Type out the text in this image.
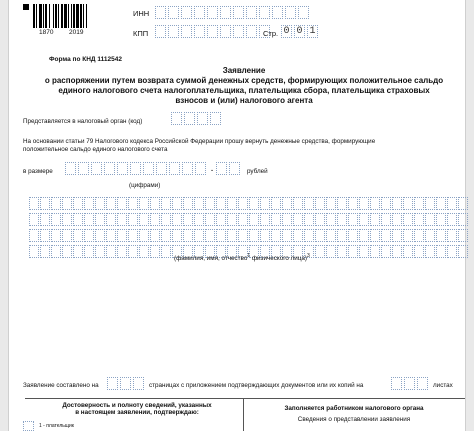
1870 2019
ИНН
КПП	Стр. 0 0 1
Форма по КНД 1112542
Заявление
о распоряжении путем возврата суммой денежных средств, формирующих положительное сальдо
единого налогового счета налогоплательщика, плательщика сбора, плательщика страховых
взносов и (или) налогового агента
Представляется в налоговый орган (код)
На основании статьи 79 Налогового кодекса Российской Федерации прошу вернуть денежные средства, формирующие
положительное сальдо единого налогового счета
в размере	.	рублей
(цифрами)
(фамилия, имя, отчество$^1$ физического лица)$^3$
Заявление составлено на	страницах с приложением подтверждающих документов или их копий на	листах
Достоверность и полноту сведений, указанных
в настоящем заявлении, подтверждаю:
1 - плательщик
Заполняется работником налогового органа
Сведения о представлении заявления
